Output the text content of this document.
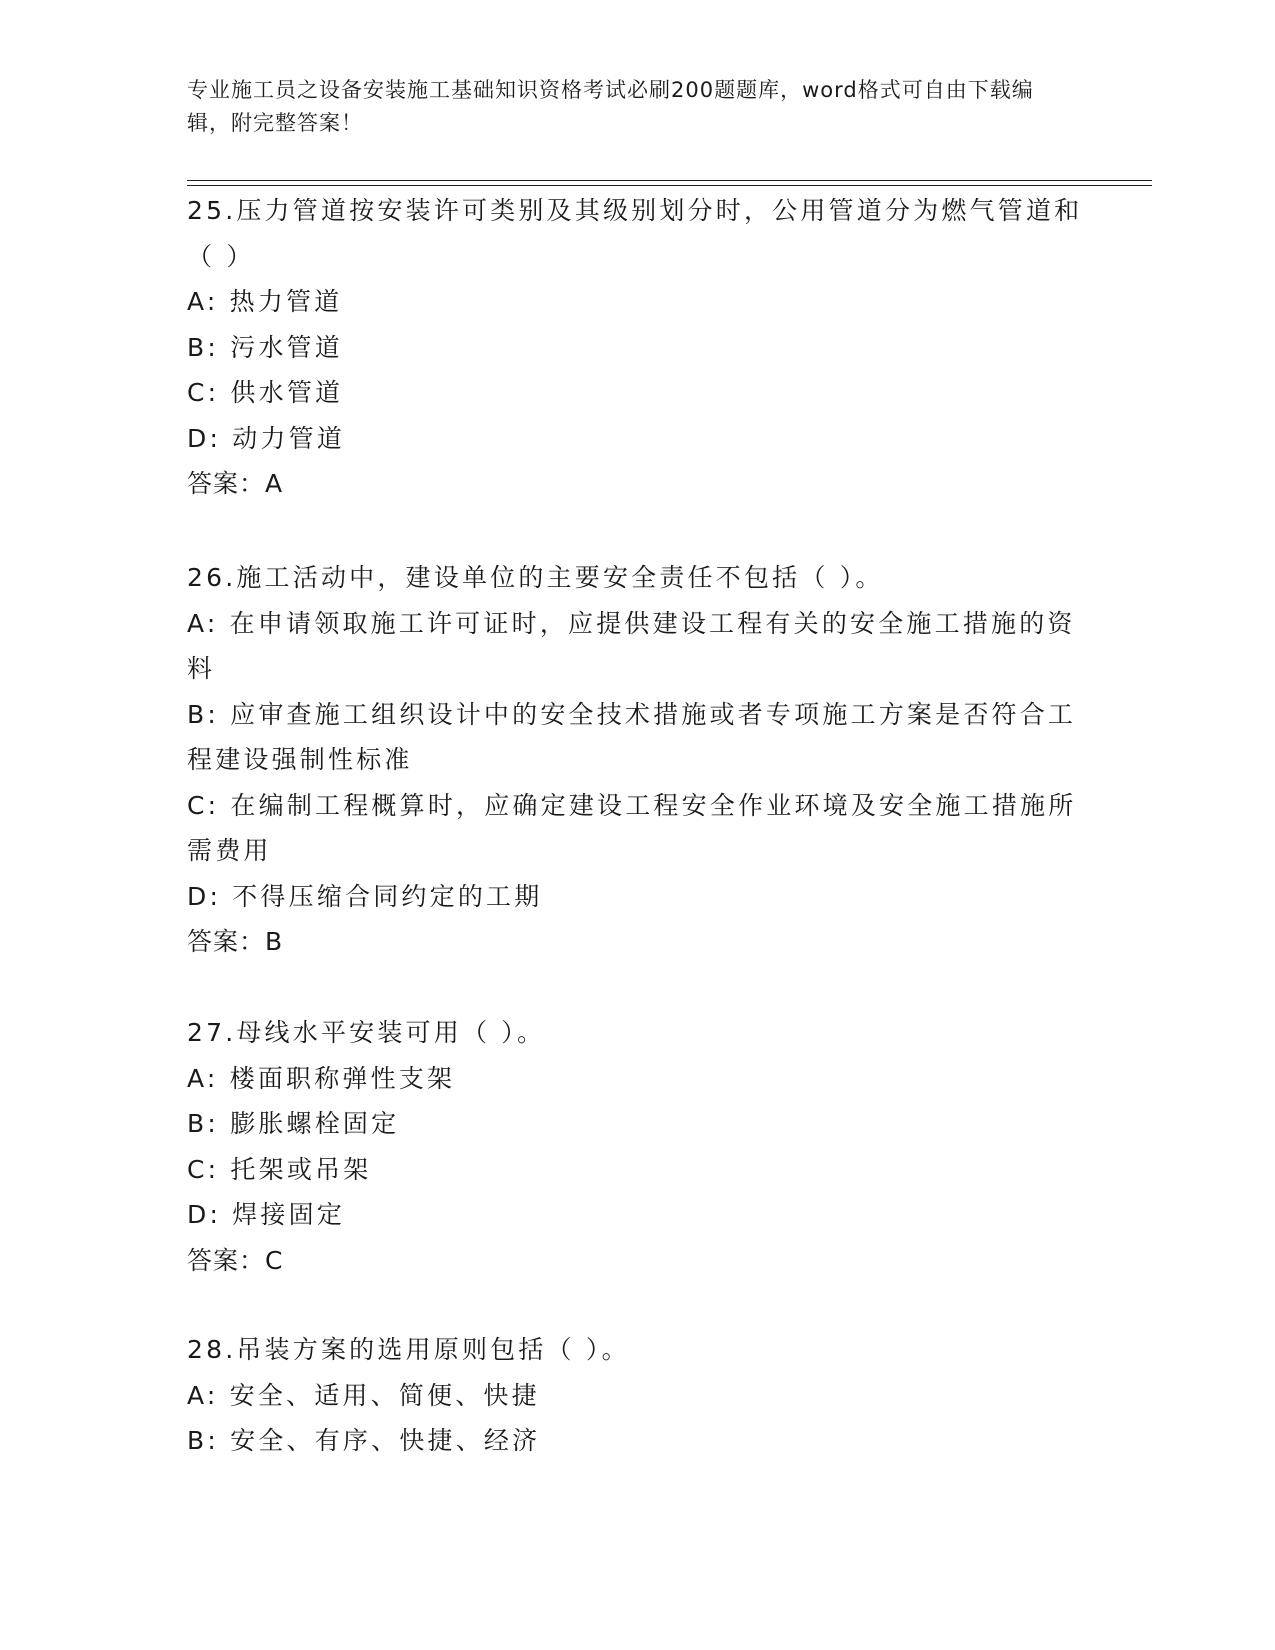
专业施工员之设备安装施工基础知识资格考试必刷200题题库，word格式可自由下载编辑，附完整答案！
25.压力管道按安装许可类别及其级别划分时，公用管道分为燃气管道和（ ）
A: 热力管道
B: 污水管道
C: 供水管道
D: 动力管道
答案：A
26.施工活动中，建设单位的主要安全责任不包括（ ）。
A: 在申请领取施工许可证时，应提供建设工程有关的安全施工措施的资料
B: 应审查施工组织设计中的安全技术措施或者专项施工方案是否符合工程建设强制性标准
C: 在编制工程概算时，应确定建设工程安全作业环境及安全施工措施所需费用
D: 不得压缩合同约定的工期
答案：B
27.母线水平安装可用（ ）。
A: 楼面职称弹性支架
B: 膨胀螺栓固定
C: 托架或吊架
D: 焊接固定
答案：C
28.吊装方案的选用原则包括（ ）。
A: 安全、适用、简便、快捷
B: 安全、有序、快捷、经济
